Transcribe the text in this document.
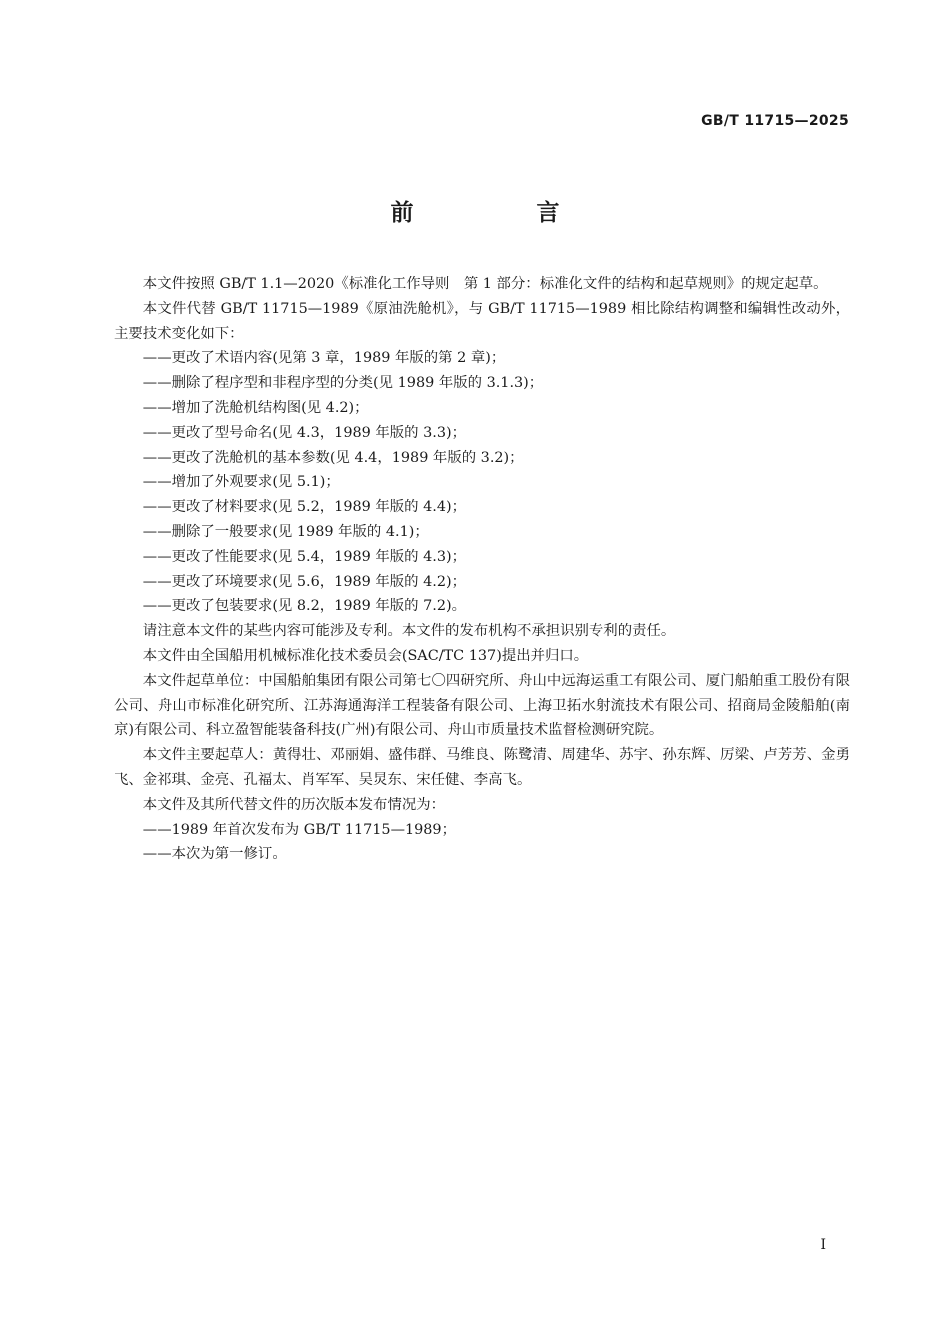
GB/T 11715—2025
前　言

本文件按照 GB/T 1.1—2020《标准化工作导则　第 1 部分：标准化文件的结构和起草规则》的规定起草。

本文件代替 GB/T 11715—1989《原油洗舱机》，与 GB/T 11715—1989 相比除结构调整和编辑性改动外，主要技术变化如下：

——更改了术语内容(见第 3 章，1989 年版的第 2 章)；

——删除了程序型和非程序型的分类(见 1989 年版的 3.1.3)；

——增加了洗舱机结构图(见 4.2)；

——更改了型号命名(见 4.3，1989 年版的 3.3)；

——更改了洗舱机的基本参数(见 4.4，1989 年版的 3.2)；

——增加了外观要求(见 5.1)；

——更改了材料要求(见 5.2，1989 年版的 4.4)；

——删除了一般要求(见 1989 年版的 4.1)；

——更改了性能要求(见 5.4，1989 年版的 4.3)；

——更改了环境要求(见 5.6，1989 年版的 4.2)；

——更改了包装要求(见 8.2，1989 年版的 7.2)。

请注意本文件的某些内容可能涉及专利。本文件的发布机构不承担识别专利的责任。

本文件由全国船用机械标准化技术委员会(SAC/TC 137)提出并归口。

本文件起草单位：中国船舶集团有限公司第七〇四研究所、舟山中远海运重工有限公司、厦门船舶重工股份有限公司、舟山市标准化研究所、江苏海通海洋工程装备有限公司、上海卫拓水射流技术有限公司、招商局金陵船舶(南京)有限公司、科立盈智能装备科技(广州)有限公司、舟山市质量技术监督检测研究院。

本文件主要起草人：黄得壮、邓丽娟、盛伟群、马维良、陈鹭清、周建华、苏宇、孙东辉、厉梁、卢芳芳、金勇飞、金祁琪、金亮、孔福太、肖军军、吴炅东、宋任健、李高飞。

本文件及其所代替文件的历次版本发布情况为：

——1989 年首次发布为 GB/T 11715—1989；

——本次为第一修订。

I
